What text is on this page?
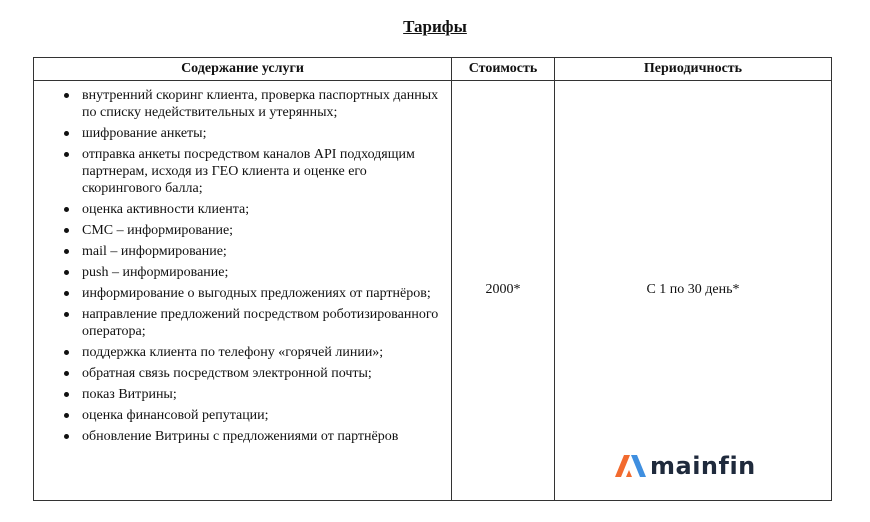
Тарифы
Содержание услуги	Стоимость	Периодичность

внутренний скоринг клиента, проверка паспортных данных по списку недействительных и утерянных;
шифрование анкеты;
отправка анкеты посредством каналов API подходящим партнерам, исходя из ГЕО клиента и оценке его скорингового балла;
оценка активности клиента;
СМС – информирование;
mail – информирование;
push – информирование;
информирование о выгодных предложениях от партнёров;
направление предложений посредством роботизированного оператора;
поддержка клиента по телефону «горячей линии»;
обратная связь посредством электронной почты;
показ Витрины;
оценка финансовой репутации;
обновление Витрины с предложениями от партнёров

2000*	С 1 по 30 день*
mainfin
